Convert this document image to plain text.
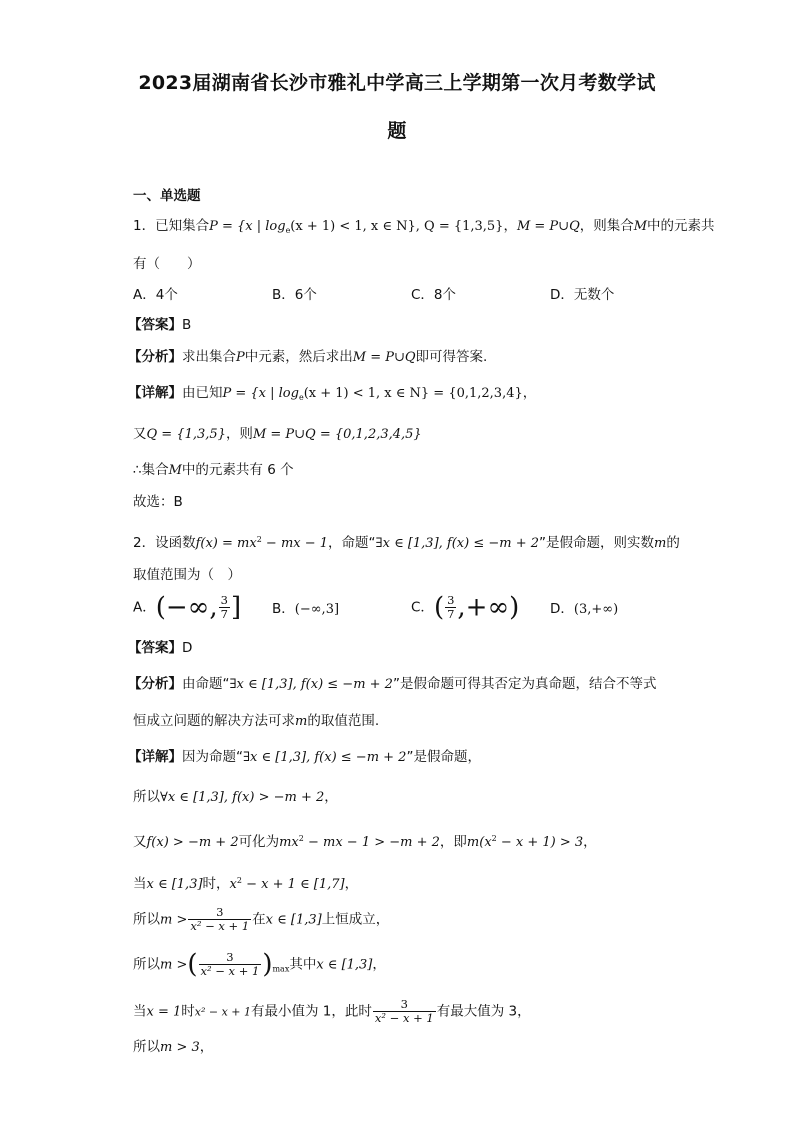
2023届湖南省长沙市雅礼中学高三上学期第一次月考数学试
题
一、单选题
1．已知集合P = {x | $\log_e(x + 1) < 1$, x ∈ N}, Q = {1,3,5}，M = P∪Q，则集合M中的元素共
有（　　）
A．4个	B．6个	C．8个	D．无数个
【答案】B
【分析】求出集合P中元素，然后求出M = P∪Q即可得答案.
【详解】由已知P = {x | $\log_e(x + 1) < 1$, x ∈ N} = {0,1,2,3,4}，
又Q = {1,3,5}，则M = P∪Q = {0,1,2,3,4,5}
∴集合M中的元素共有 6 个
故选：B
2．设函数$f(x) = mx^2$ − mx − 1，命题“∃x ∈ [1,3], f(x) ≤ −m + 2”是假命题，则实数m的
取值范围为（　）
A．(−∞, $\frac{3}{7}$ ] B．(−∞,3]	C．( $\frac{3}{7}$ ,+∞) D．(3,+∞)
【答案】D
【分析】由命题“∃x ∈ [1,3], f(x) ≤ −m + 2”是假命题可得其否定为真命题，结合不等式
恒成立问题的解决方法可求m的取值范围.
【详解】因为命题“∃x ∈ [1,3], f(x) ≤ −m + 2”是假命题，
所以∀x ∈ [1,3], f(x) > −m + 2，
又f(x) > −m + 2可化为$mx^2$ − mx − 1 > −m + 2，即$m(x^2 - x + 1) > 3$，
当x ∈ [1,3]时，$x^2 - x + 1$ ∈ [1,7]，
所以$m > \frac{3}{\text{x² − x + 1}}$ 在x ∈ [1,3]上恒成立，
所以m >( $\frac{3}{\text{x² − x + 1}} )_{max}$其中x ∈ [1,3]，
当x = 1时x² − x + 1有最小值为 1，此时 $\frac{3}{\text{x² − x + 1}}$ 有最大值为 3，
所以m > 3，
